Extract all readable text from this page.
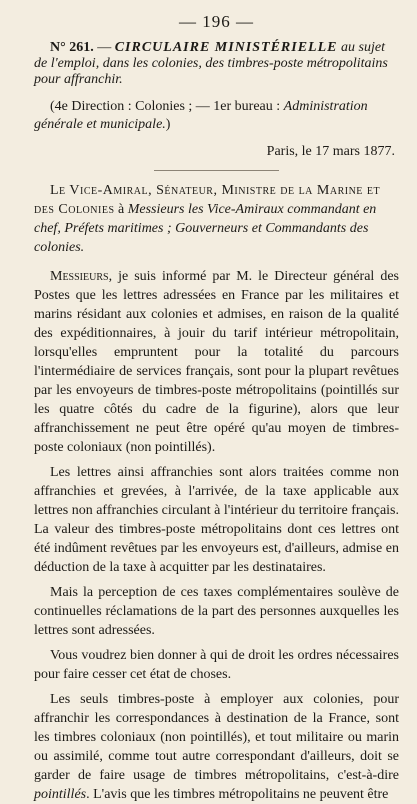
— 196 —

N° 261. — CIRCULAIRE MINISTÉRIELLE au sujet de l'emploi, dans les colonies, des timbres-poste métropolitains pour affranchir.

(4e Direction : Colonies ; — 1er bureau : Administration générale et municipale.)

Paris, le 17 mars 1877.

Le Vice-Amiral, Sénateur, Ministre de la Marine et des Colonies à Messieurs les Vice-Amiraux commandant en chef, Préfets maritimes ; Gouverneurs et Commandants des colonies.

Messieurs, je suis informé par M. le Directeur général des Postes que les lettres adressées en France par les militaires et marins résidant aux colonies et admises, en raison de la qualité des expéditionnaires, à jouir du tarif intérieur métropolitain, lorsqu'elles empruntent pour la totalité du parcours l'intermédiaire de services français, sont pour la plupart revêtues par les envoyeurs de timbres-poste métropolitains (pointillés sur les quatre côtés du cadre de la figurine), alors que leur affranchissement ne peut être opéré qu'au moyen de timbres-poste coloniaux (non pointillés).

Les lettres ainsi affranchies sont alors traitées comme non affranchies et grevées, à l'arrivée, de la taxe applicable aux lettres non affranchies circulant à l'intérieur du territoire français. La valeur des timbres-poste métropolitains dont ces lettres ont été indûment revêtues par les envoyeurs est, d'ailleurs, admise en déduction de la taxe à acquitter par les destinataires.

Mais la perception de ces taxes complémentaires soulève de continuelles réclamations de la part des personnes auxquelles les lettres sont adressées.

Vous voudrez bien donner à qui de droit les ordres nécessaires pour faire cesser cet état de choses.

Les seuls timbres-poste à employer aux colonies, pour affranchir les correspondances à destination de la France, sont les timbres coloniaux (non pointillés), et tout militaire ou marin ou assimilé, comme tout autre correspondant d'ailleurs, doit se garder de faire usage de timbres métropolitains, c'est-à-dire pointillés. L'avis que les timbres métropolitains ne peuvent être
